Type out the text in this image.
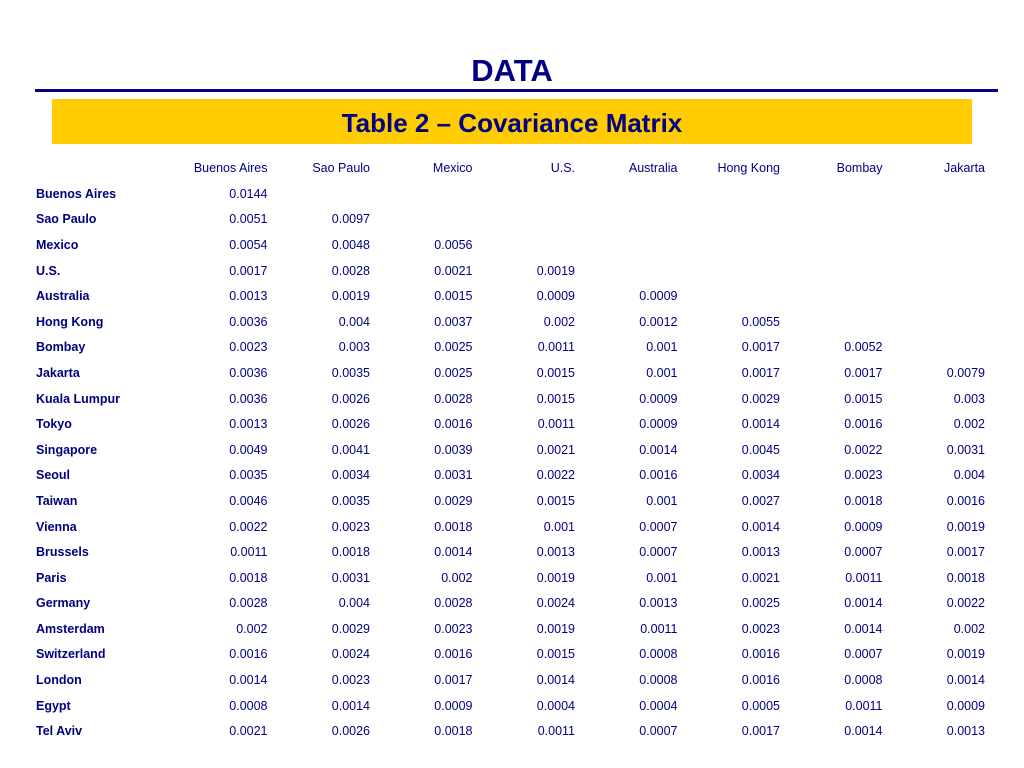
DATA
Table 2 – Covariance Matrix
	Buenos Aires	Sao Paulo	Mexico	U.S.	Australia	Hong Kong	Bombay	Jakarta
Buenos Aires	0.0144							
Sao Paulo	0.0051	0.0097						
Mexico	0.0054	0.0048	0.0056					
U.S.	0.0017	0.0028	0.0021	0.0019				
Australia	0.0013	0.0019	0.0015	0.0009	0.0009			
Hong Kong	0.0036	0.004	0.0037	0.002	0.0012	0.0055		
Bombay	0.0023	0.003	0.0025	0.0011	0.001	0.0017	0.0052	
Jakarta	0.0036	0.0035	0.0025	0.0015	0.001	0.0017	0.0017	0.0079
Kuala Lumpur	0.0036	0.0026	0.0028	0.0015	0.0009	0.0029	0.0015	0.003
Tokyo	0.0013	0.0026	0.0016	0.0011	0.0009	0.0014	0.0016	0.002
Singapore	0.0049	0.0041	0.0039	0.0021	0.0014	0.0045	0.0022	0.0031
Seoul	0.0035	0.0034	0.0031	0.0022	0.0016	0.0034	0.0023	0.004
Taiwan	0.0046	0.0035	0.0029	0.0015	0.001	0.0027	0.0018	0.0016
Vienna	0.0022	0.0023	0.0018	0.001	0.0007	0.0014	0.0009	0.0019
Brussels	0.0011	0.0018	0.0014	0.0013	0.0007	0.0013	0.0007	0.0017
Paris	0.0018	0.0031	0.002	0.0019	0.001	0.0021	0.0011	0.0018
Germany	0.0028	0.004	0.0028	0.0024	0.0013	0.0025	0.0014	0.0022
Amsterdam	0.002	0.0029	0.0023	0.0019	0.0011	0.0023	0.0014	0.002
Switzerland	0.0016	0.0024	0.0016	0.0015	0.0008	0.0016	0.0007	0.0019
London	0.0014	0.0023	0.0017	0.0014	0.0008	0.0016	0.0008	0.0014
Egypt	0.0008	0.0014	0.0009	0.0004	0.0004	0.0005	0.0011	0.0009
Tel Aviv	0.0021	0.0026	0.0018	0.0011	0.0007	0.0017	0.0014	0.0013
